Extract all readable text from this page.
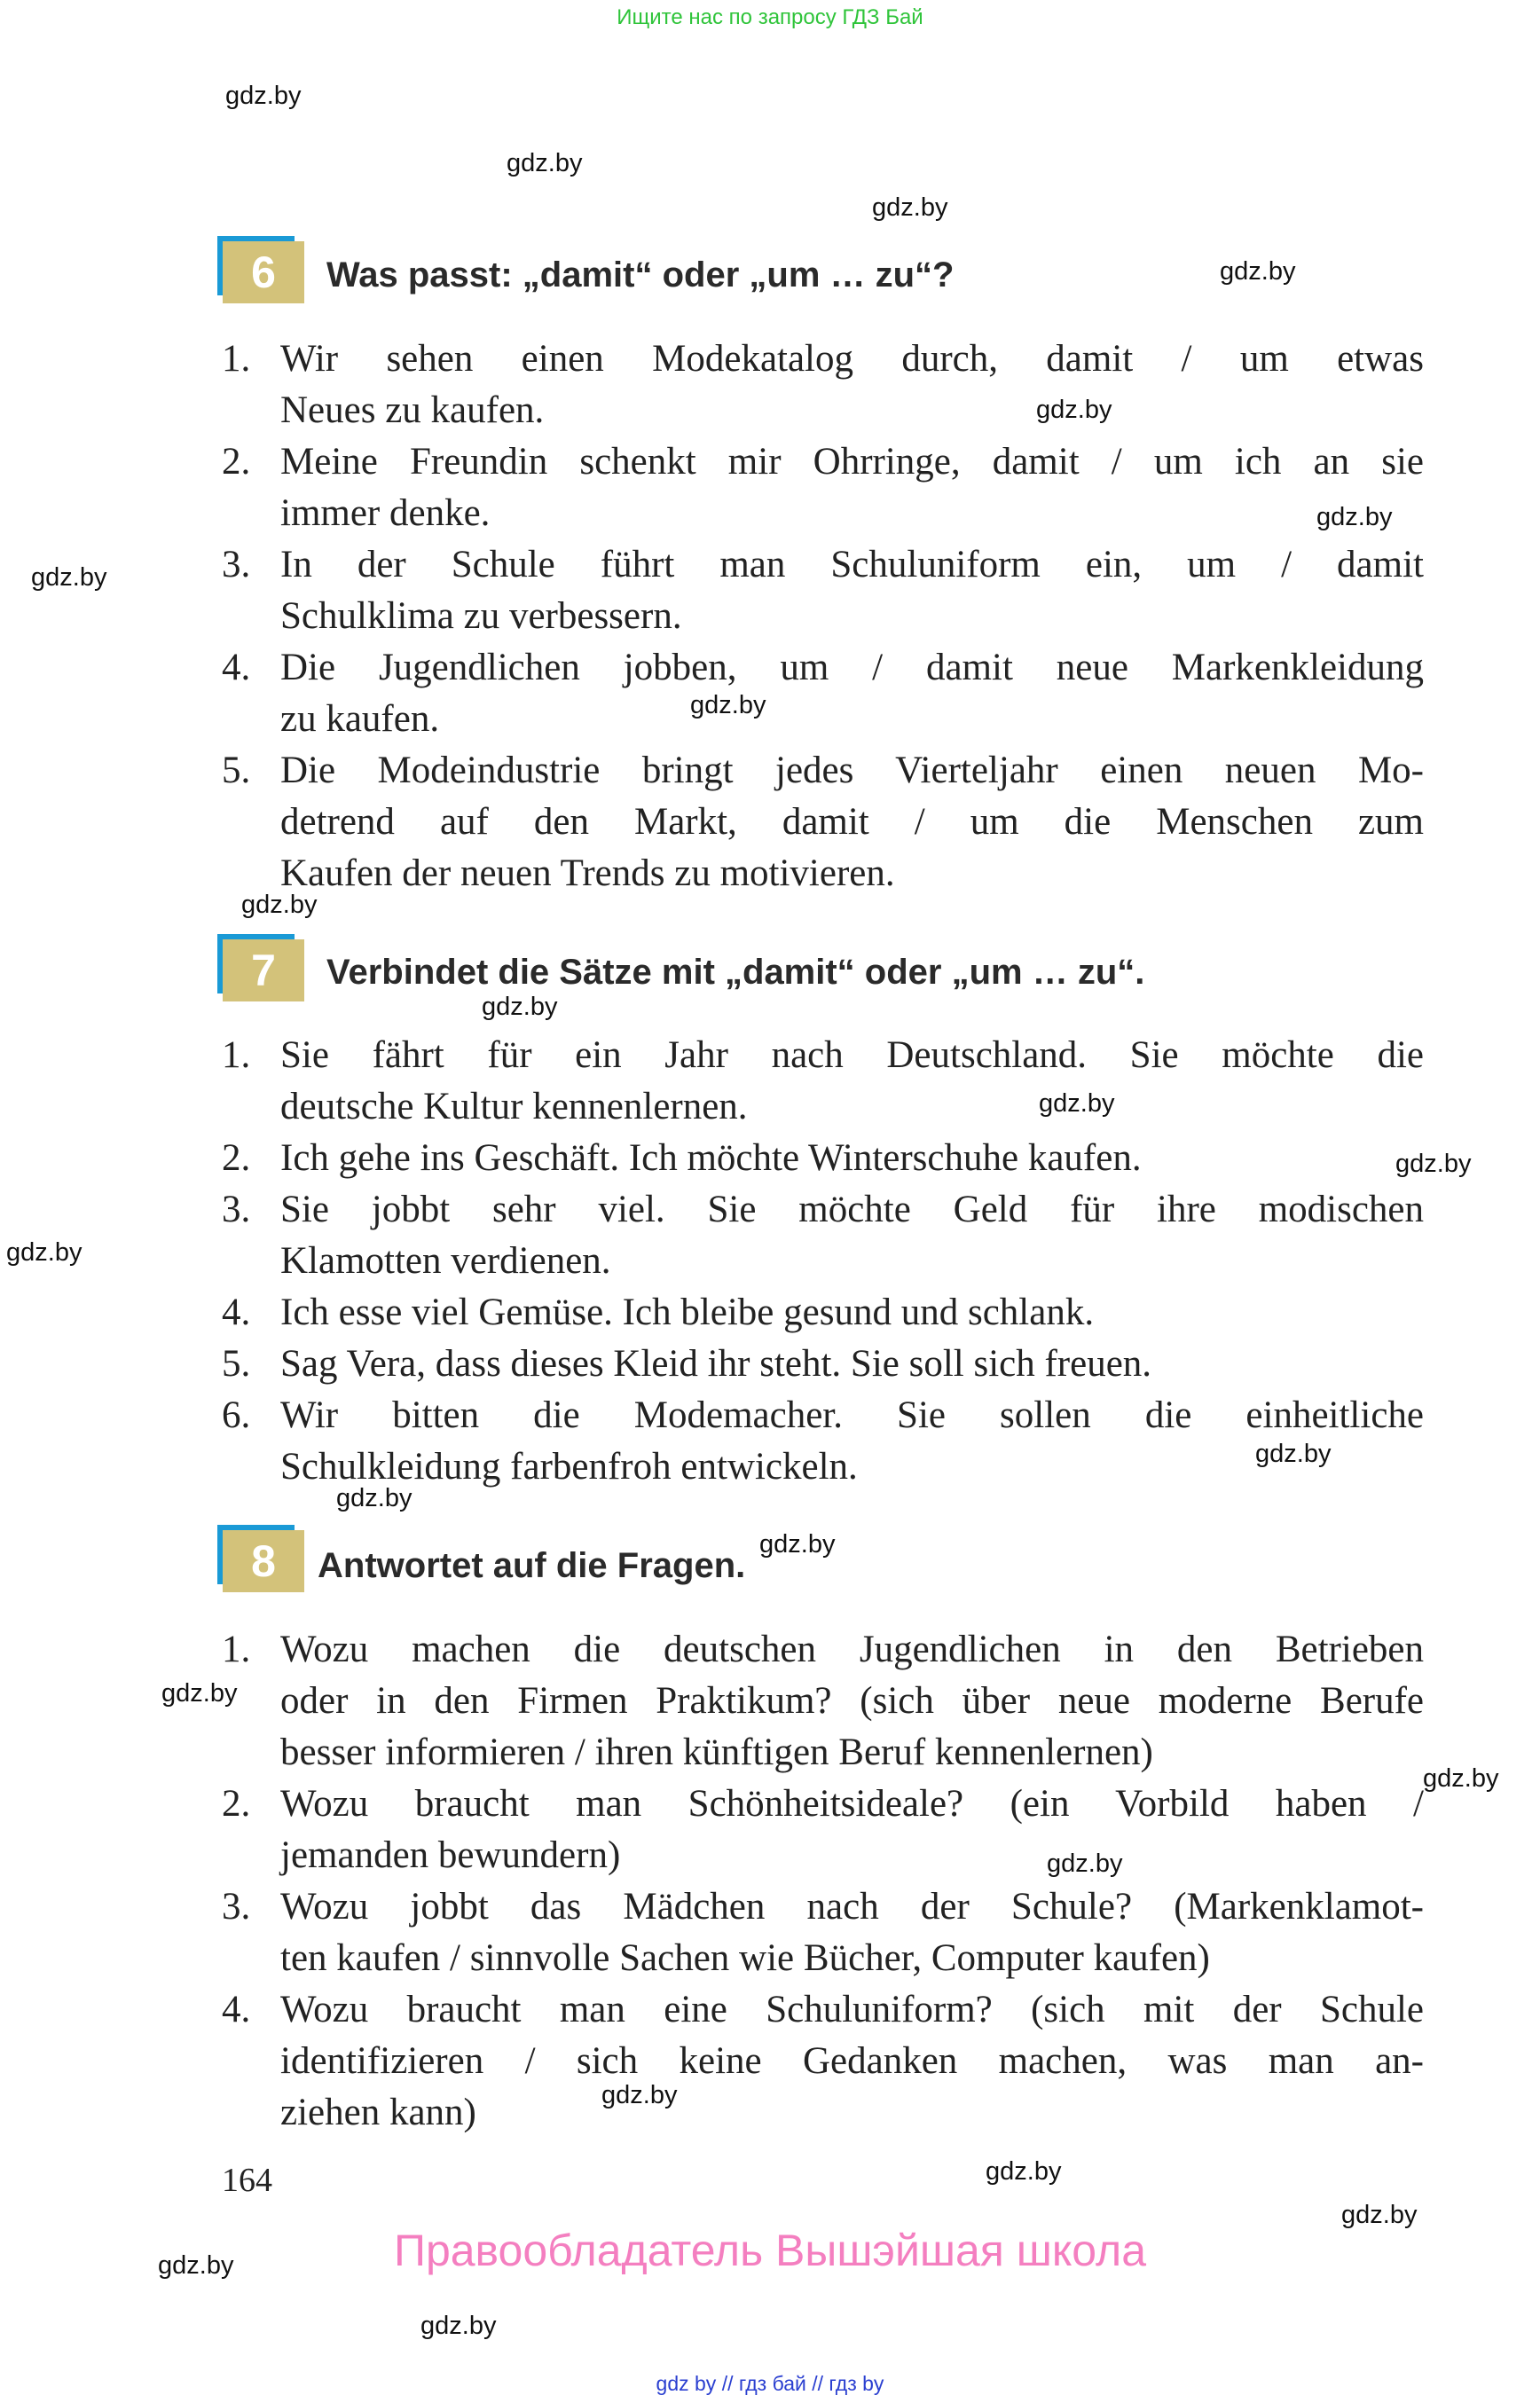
Ищите нас по запросу ГДЗ Бай
gdz.by
gdz.by
gdz.by
gdz.by
gdz.by
gdz.by
gdz.by
gdz.by
gdz.by
gdz.by
gdz.by
gdz.by
gdz.by
gdz.by
gdz.by
gdz.by
gdz.by
gdz.by
gdz.by
gdz.by
gdz.by
gdz.by
gdz.by
gdz.by
6	Was passt: „damit“ oder „um … zu“?
1. Wir sehen einen Modekatalog durch, damit / um etwas
Neues zu kaufen.
2. Meine Freundin schenkt mir Ohrringe, damit / um ich an sie
immer denke.
3. In der Schule führt man Schuluniform ein, um / damit
Schulklima zu verbessern.
4. Die Jugendlichen jobben, um / damit neue Markenkleidung
zu kaufen.
5. Die Modeindustrie bringt jedes Vierteljahr einen neuen Mo-
detrend auf den Markt, damit / um die Menschen zum
Kaufen der neuen Trends zu motivieren.
7	Verbindet die Sätze mit „damit“ oder „um … zu“.
1. Sie fährt für ein Jahr nach Deutschland. Sie möchte die
deutsche Kultur kennenlernen.
2. Ich gehe ins Geschäft. Ich möchte Winterschuhe kaufen.
3. Sie jobbt sehr viel. Sie möchte Geld für ihre modischen
Klamotten verdienen.
4. Ich esse viel Gemüse. Ich bleibe gesund und schlank.
5. Sag Vera, dass dieses Kleid ihr steht. Sie soll sich freuen.
6. Wir bitten die Modemacher. Sie sollen die einheitliche
Schulkleidung farbenfroh entwickeln.
8	Antwortet auf die Fragen.
1. Wozu machen die deutschen Jugendlichen in den Betrieben
oder in den Firmen Praktikum? (sich über neue moderne Berufe
besser informieren / ihren künftigen Beruf kennenlernen)
2. Wozu braucht man Schönheitsideale? (ein Vorbild haben /
jemanden bewundern)
3. Wozu jobbt das Mädchen nach der Schule? (Markenklamot-
ten kaufen / sinnvolle Sachen wie Bücher, Computer kaufen)
4. Wozu braucht man eine Schuluniform? (sich mit der Schule
identifizieren / sich keine Gedanken machen, was man an-
ziehen kann)
164
Правообладатель Вышэйшая школа
gdz by // гдз бай // гдз by
